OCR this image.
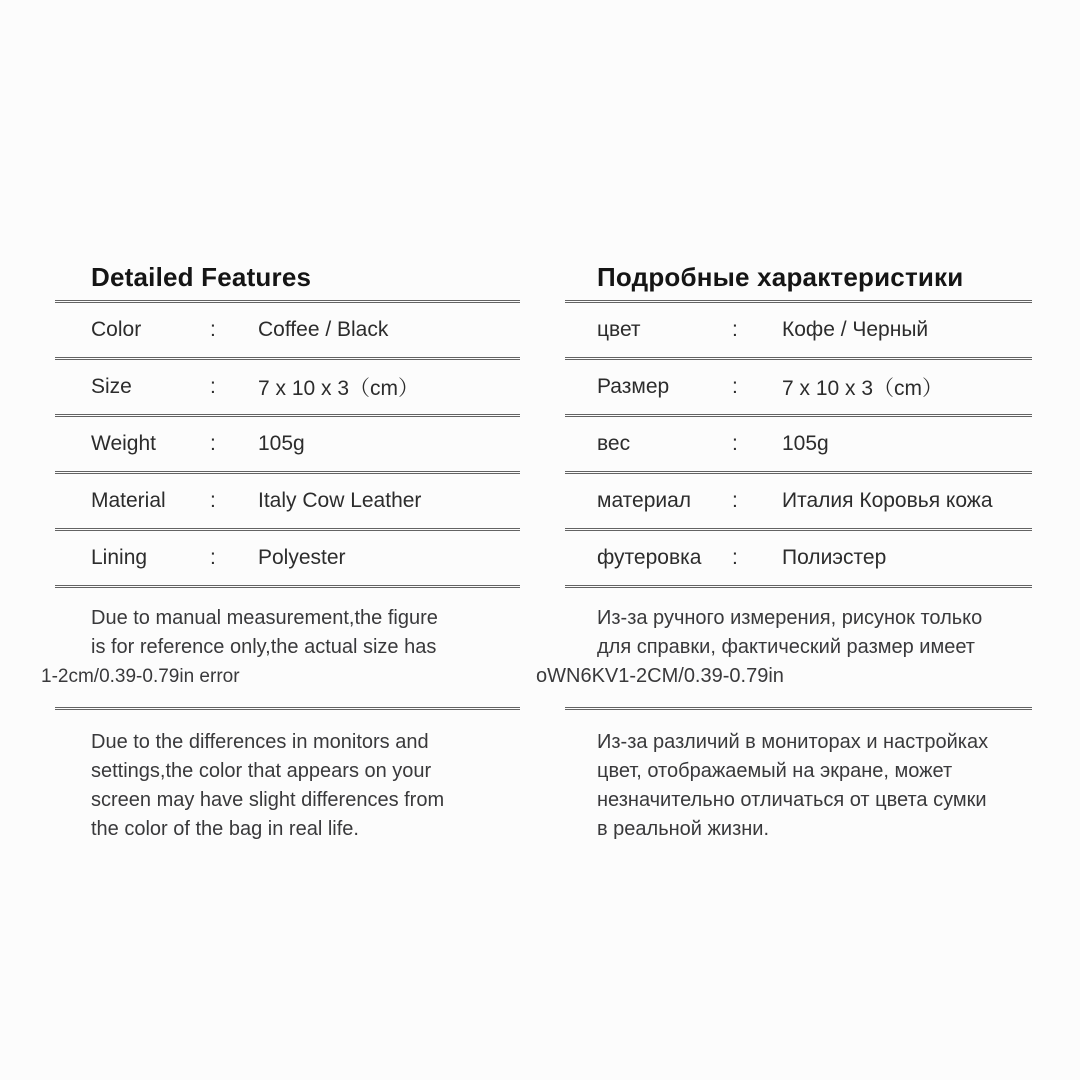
Detailed Features
Color	:	Coffee / Black
Size	:	7 x 10 x 3（cm）
Weight	:	105g
Material	:	Italy Cow Leather
Lining	:	Polyester
Due to manual measurement,the figure
is for reference only,the actual size has
1-2cm/0.39-0.79in error
Due to the differences in monitors and
settings,the color that appears on your
screen may have slight differences from
the color of the bag in real life.
Подробные характеристики
цвет	:	Кофе / Черный
Размер	:	7 x 10 x 3（cm）
вес	:	105g
материал	:	Италия Коровья кожа
футеровка	:	Полиэстер
Из-за ручного измерения, рисунок только
для справки, фактический размер имеет
oWN6KV1-2CM/0.39-0.79in
Из-за различий в мониторах и настройках
цвет, отображаемый на экране, может
незначительно отличаться от цвета сумки
в реальной жизни.
